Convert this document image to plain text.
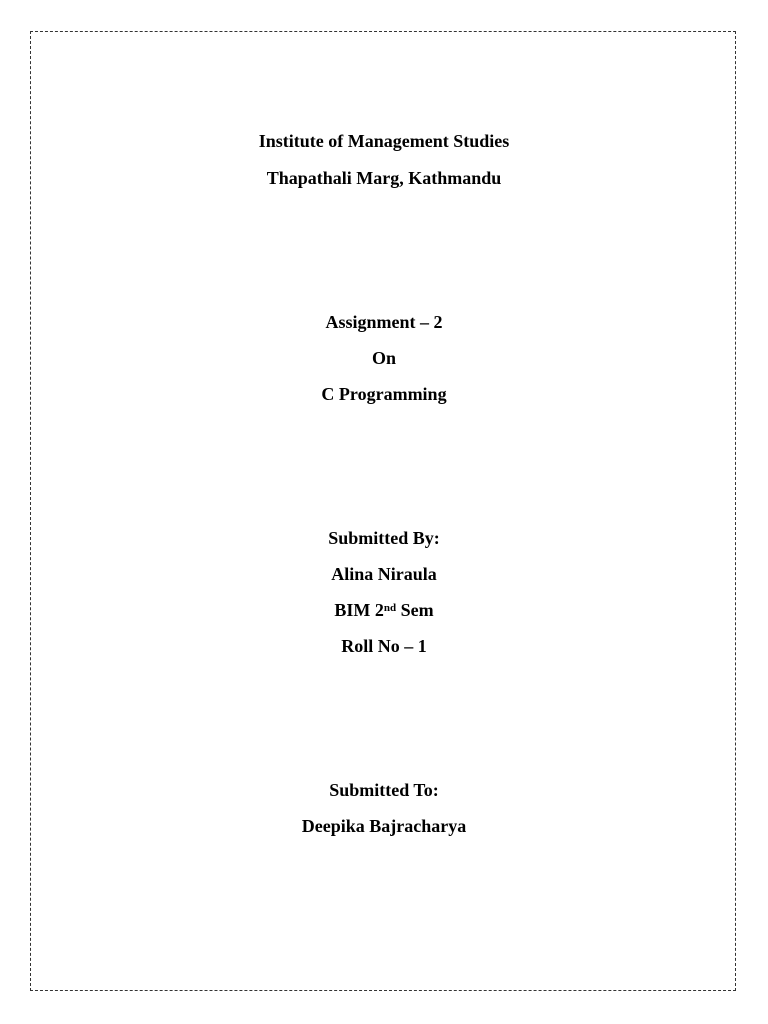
Institute of Management Studies
Thapathali Marg, Kathmandu
Assignment – 2
On
C Programming
Submitted By:
Alina Niraula
BIM 2nd Sem
Roll No – 1
Submitted To:
Deepika Bajracharya
